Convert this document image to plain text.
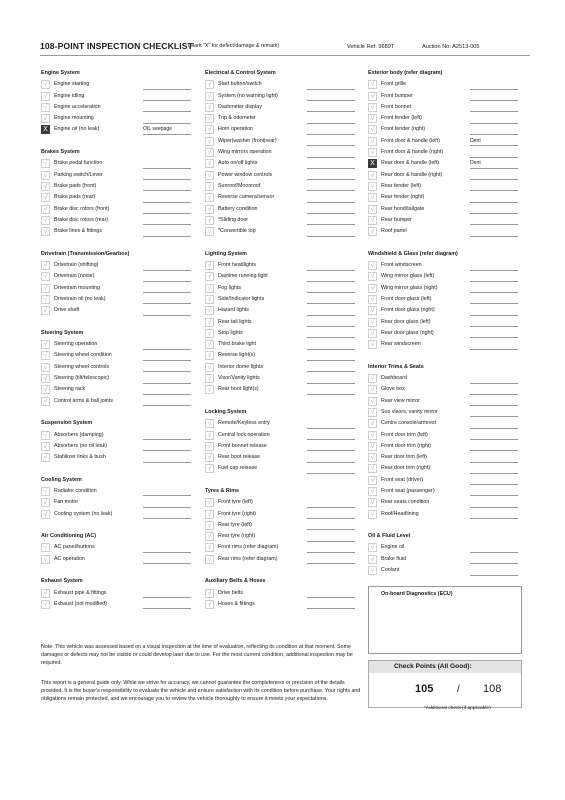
108-POINT INSPECTION CHECKLIST
(Mark "X" for defect/damage & remark)	Vehicle Ref: 9689T	Auction No: A2513-005
Engine System
√	Engine starting
√	Engine idling
√	Engine acceleration
√	Engine mounting
X	Engine oil (no leak)	OIL seepage
Brakes System
√	Brake pedal function
√	Parking switch/Lever
√	Brake pads (front)
√	Brake pads (rear)
√	Brake disc rotors (front)
√	Brake disc rotors (rear)
√	Brake lines & fittings
Drivetrain (Transmission/Gearbox)
√	Drivetrain (shifting)
√	Drivetrain (noise)
√	Drivetrain mounting
√	Drivetrain oil (no leak)
√	Drive shaft
Steering System
√	Steering operation
√	Steering wheel condition
√	Steering wheel controls
√	Steering (tilt/telescopic)
√	Steering rack
√	Control arms & ball joints
Suspension System
√	Absorbers (damping)
√	Absorbers (no oil leak)
√	Stabilizer links & bush
Cooling System
√	Radiator condition
√	Fan motor
√	Cooling system (no leak)
Air Conditioning (AC)
√	AC panel/buttons
√	AC operation
Exhaust System
√	Exhaust pipe & fittings
√	Exhaust (not modified)
Electrical & Control System
√	Start button/switch
√	System (no warning light)
√	Dashmeter display
√	Trip & odometer
√	Horn operation
√	Wiper|washer (front|rear)
√	Wing mirrors operation
√	Auto on/off lights
√	Power window controls
√	Sunroof/Moonroof
√	Reverse camera/sensor
√	Battery condition
√	*Sliding door
√	*Convertible top
Lighting System
√	Front headlights
√	Daytime running light
√	Fog lights
√	Side/Indicator lights
√	Hazard lights
√	Rear tail lights
√	Stop lights
√	Third brake light
√	Reverse light(s)
√	Interior dome lights
√	Visor/Vanity lights
√	Rear boot light(s)
Locking System
√	Remote/Keyless entry
√	Central lock operation
√	Front bonnet release
√	Rear boot release
√	Fuel cap release
Tyres & Rims
√	Front tyre (left)
√	Front tyre (right)
√	Rear tyre (left)
√	Rear tyre (right)
√	Front rims (refer diagram)
√	Rear rims (refer diagram)
Auxiliary Belts & Hoses
√	Drive belts
√	Hoses & fittings
Exterior body (refer diagram)
√	Front grille
√	Front bumper
√	Front bonnet
√	Front fender (left)
√	Front fender (right)
√	Front door & handle (left)	Dent
√	Front door & handle (right)
X	Rear door & handle (left)	Dent
√	Rear door & handle (right)
√	Rear fender (left)
√	Rear fender (right)
√	Rear hood/tailgate
√	Rear bumper
√	Roof panel
Windshield & Glass (refer diagram)
√	Front windscreen
√	Wing mirror glass (left)
√	Wing mirror glass (right)
√	Front door glass (left)
√	Front door glass (right)
√	Rear door glass (left)
√	Rear door glass (right)
√	Rear windscreen
Interior Trims & Seats
√	Dashboard
√	Glove box
√	Rear view mirror
√	Sun visors, vanity mirror
√	Centre console/armrest
√	Front door trim (left)
√	Front door trim (right)
√	Rear door trim (left)
√	Rear door trim (right)
√	Front seat (driver)
√	Front seat (passenger)
√	Rear seats condition
√	Roof/Headlining
Oil & Fluid Level
√	Engine oil
√	Brake fluid
√	Coolant
On-board Diagnostics (ECU)
Note: This vehicle was assessed based on a visual inspection at the time of evaluation, reflecting its condition at that moment. Some damages or defects may not be visible or could develop later due to use. For the most current condition, additional inspection may be required.
This report is a general guide only. While we strive for accuracy, we cannot guarantee the completeness or precision of the details provided. It is the buyer's responsibility to evaluate the vehicle and ensure satisfaction with its condition before purchase. Your rights and obligations remain protected, and we encourage you to review the vehicle thoroughly to ensure it meets your expectations.
Check Points (All Good):
105 / 108
*Additional check (if applicable)
